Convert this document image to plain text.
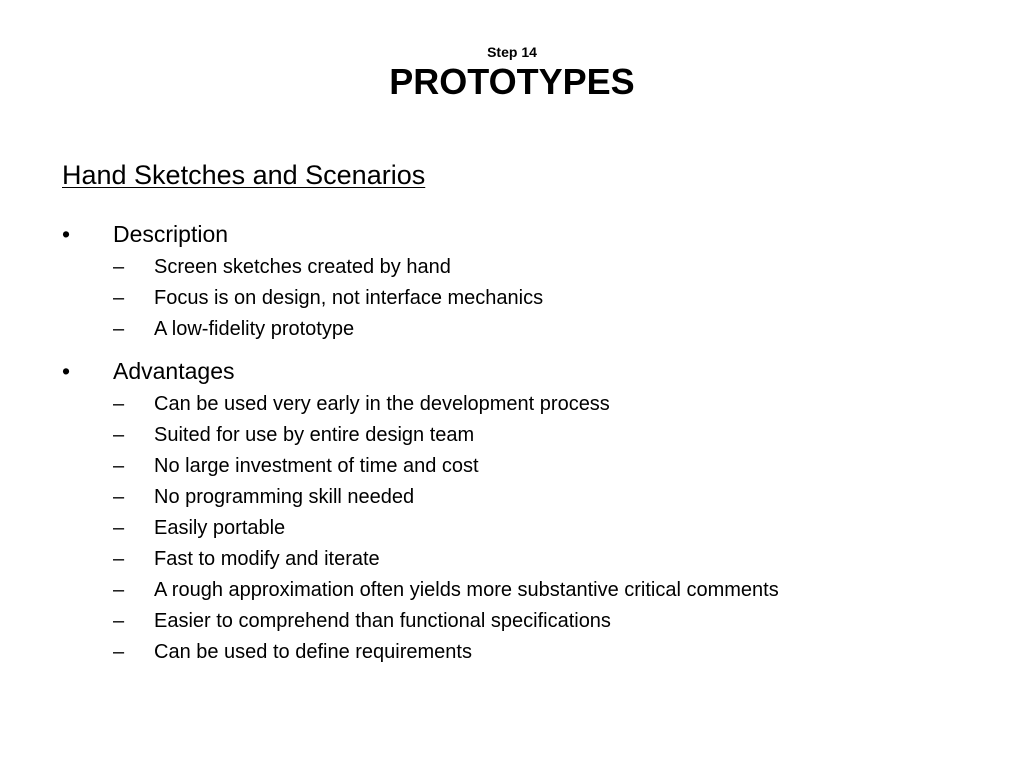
Step 14
PROTOTYPES
Hand Sketches and Scenarios
•	Description
–	Screen sketches created by hand
–	Focus is on design, not interface mechanics
–	A low-fidelity prototype
•	Advantages
–	Can be used very early in the development process
–	Suited for use by entire design team
–	No large investment of time and cost
–	No programming skill needed
–	Easily portable
–	Fast to modify and iterate
–	A rough approximation often yields more substantive critical comments
–	Easier to comprehend than functional specifications
–	Can be used to define requirements
